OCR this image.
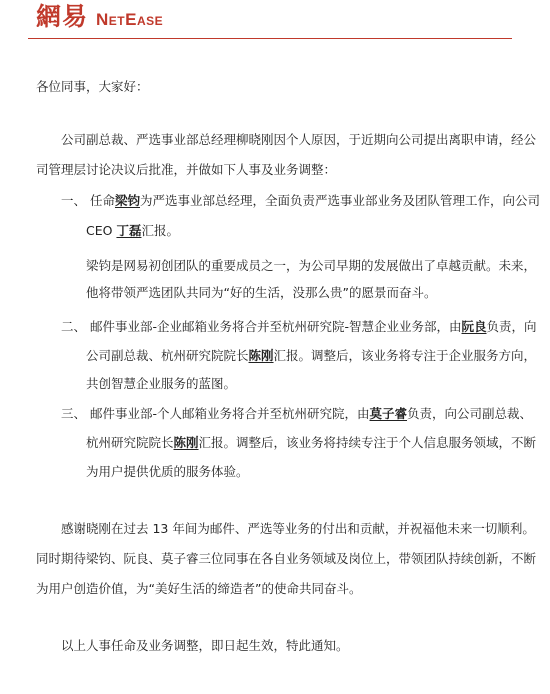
網易 NetEase
各位同事，大家好：
公司副总裁、严选事业部总经理柳晓刚因个人原因，于近期向公司提出离职申请，经公
司管理层讨论决议后批准，并做如下人事及业务调整：
一、 任命梁钧为严选事业部总经理，全面负责严选事业部业务及团队管理工作，向公司
CEO 丁磊汇报。
梁钧是网易初创团队的重要成员之一，为公司早期的发展做出了卓越贡献。未来，
他将带领严选团队共同为“好的生活，没那么贵”的愿景而奋斗。
二、 邮件事业部-企业邮箱业务将合并至杭州研究院-智慧企业业务部，由阮良负责，向
公司副总裁、杭州研究院院长陈刚汇报。调整后，该业务将专注于企业服务方向，
共创智慧企业服务的蓝图。
三、 邮件事业部-个人邮箱业务将合并至杭州研究院，由莫子睿负责，向公司副总裁、
杭州研究院院长陈刚汇报。调整后，该业务将持续专注于个人信息服务领域，不断
为用户提供优质的服务体验。
感谢晓刚在过去 13 年间为邮件、严选等业务的付出和贡献，并祝福他未来一切顺利。
同时期待梁钧、阮良、莫子睿三位同事在各自业务领域及岗位上，带领团队持续创新，不断
为用户创造价值，为“美好生活的缔造者”的使命共同奋斗。
以上人事任命及业务调整，即日起生效，特此通知。
